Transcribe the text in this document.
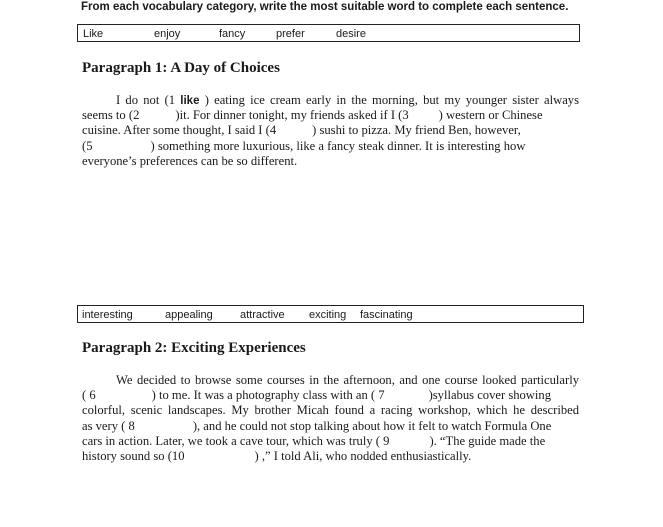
From each vocabulary category, write the most suitable word to complete each sentence.
Like	enjoy	fancy	prefer	desire
Paragraph 1: A Day of Choices
I do not (1 like ) eating ice cream early in the morning, but my younger sister always
seems to (2	)it. For dinner tonight, my friends asked if I (3 ) western or Chinese
cuisine. After some thought, I said I (4	) sushi to pizza. My friend Ben, however,
(5	) something more luxurious, like a fancy steak dinner. It is interesting how
everyone’s preferences can be so different.
interesting	appealing attractive exciting fascinating
Paragraph 2: Exciting Experiences
We decided to browse some courses in the afternoon, and one course looked particularly
( 6	) to me. It was a photography class with an ( 7	)syllabus cover showing
colorful, scenic landscapes. My brother Micah found a racing workshop, which he described
as very ( 8	), and he could not stop talking about how it felt to watch Formula One
cars in action. Later, we took a cave tour, which was truly ( 9	). “The guide made the
history sound so (10	) ,” I told Ali, who nodded enthusiastically.
